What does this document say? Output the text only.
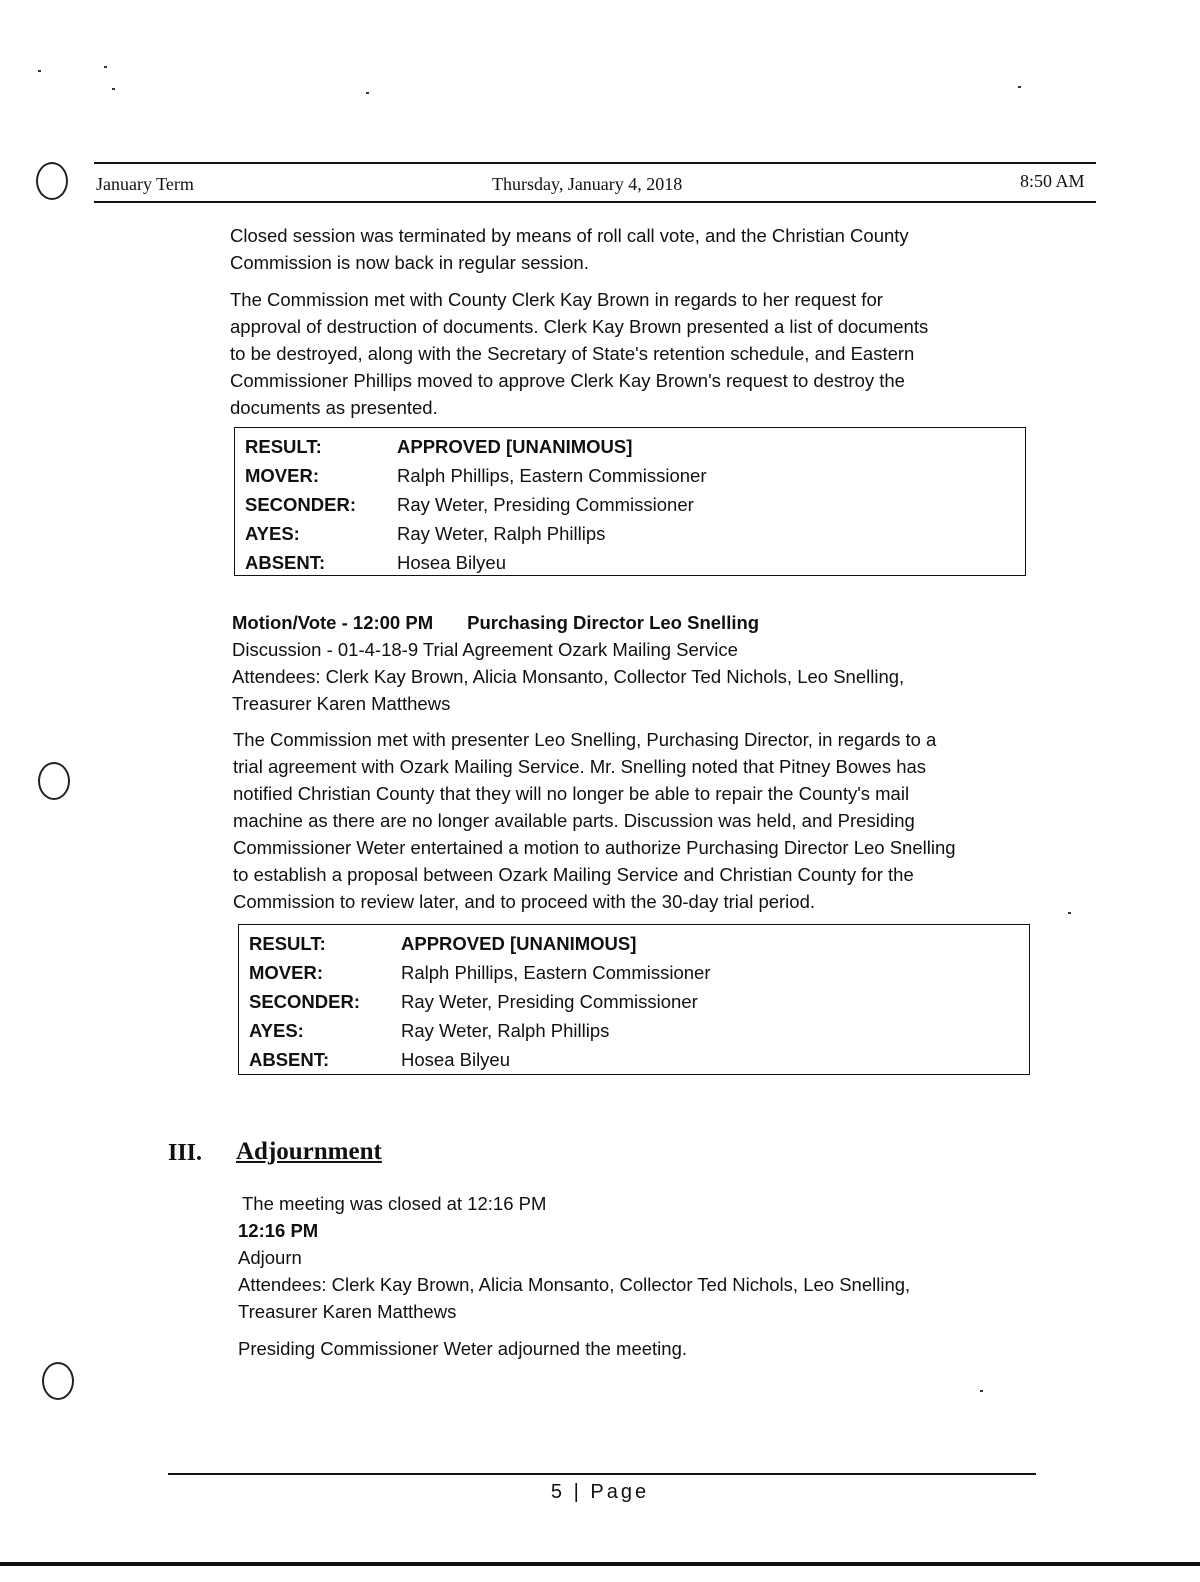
January Term	Thursday, January 4, 2018	8:50 AM
Closed session was terminated by means of roll call vote, and the Christian County
Commission is now back in regular session.
The Commission met with County Clerk Kay Brown in regards to her request for
approval of destruction of documents. Clerk Kay Brown presented a list of documents
to be destroyed, along with the Secretary of State's retention schedule, and Eastern
Commissioner Phillips moved to approve Clerk Kay Brown's request to destroy the
documents as presented.
RESULT:	APPROVED [UNANIMOUS]
MOVER:	Ralph Phillips, Eastern Commissioner
SECONDER: Ray Weter, Presiding Commissioner
AYES:	Ray Weter, Ralph Phillips
ABSENT:	Hosea Bilyeu
Motion/Vote - 12:00 PM Purchasing Director Leo Snelling
Discussion - 01-4-18-9 Trial Agreement Ozark Mailing Service
Attendees: Clerk Kay Brown, Alicia Monsanto, Collector Ted Nichols, Leo Snelling,
Treasurer Karen Matthews
The Commission met with presenter Leo Snelling, Purchasing Director, in regards to a
trial agreement with Ozark Mailing Service. Mr. Snelling noted that Pitney Bowes has
notified Christian County that they will no longer be able to repair the County's mail
machine as there are no longer available parts. Discussion was held, and Presiding
Commissioner Weter entertained a motion to authorize Purchasing Director Leo Snelling
to establish a proposal between Ozark Mailing Service and Christian County for the
Commission to review later, and to proceed with the 30-day trial period.
RESULT:	APPROVED [UNANIMOUS]
MOVER:	Ralph Phillips, Eastern Commissioner
SECONDER: Ray Weter, Presiding Commissioner
AYES:	Ray Weter, Ralph Phillips
ABSENT:	Hosea Bilyeu
III. Adjournment
The meeting was closed at 12:16 PM
12:16 PM
Adjourn
Attendees: Clerk Kay Brown, Alicia Monsanto, Collector Ted Nichols, Leo Snelling,
Treasurer Karen Matthews
Presiding Commissioner Weter adjourned the meeting.
5 | Page
